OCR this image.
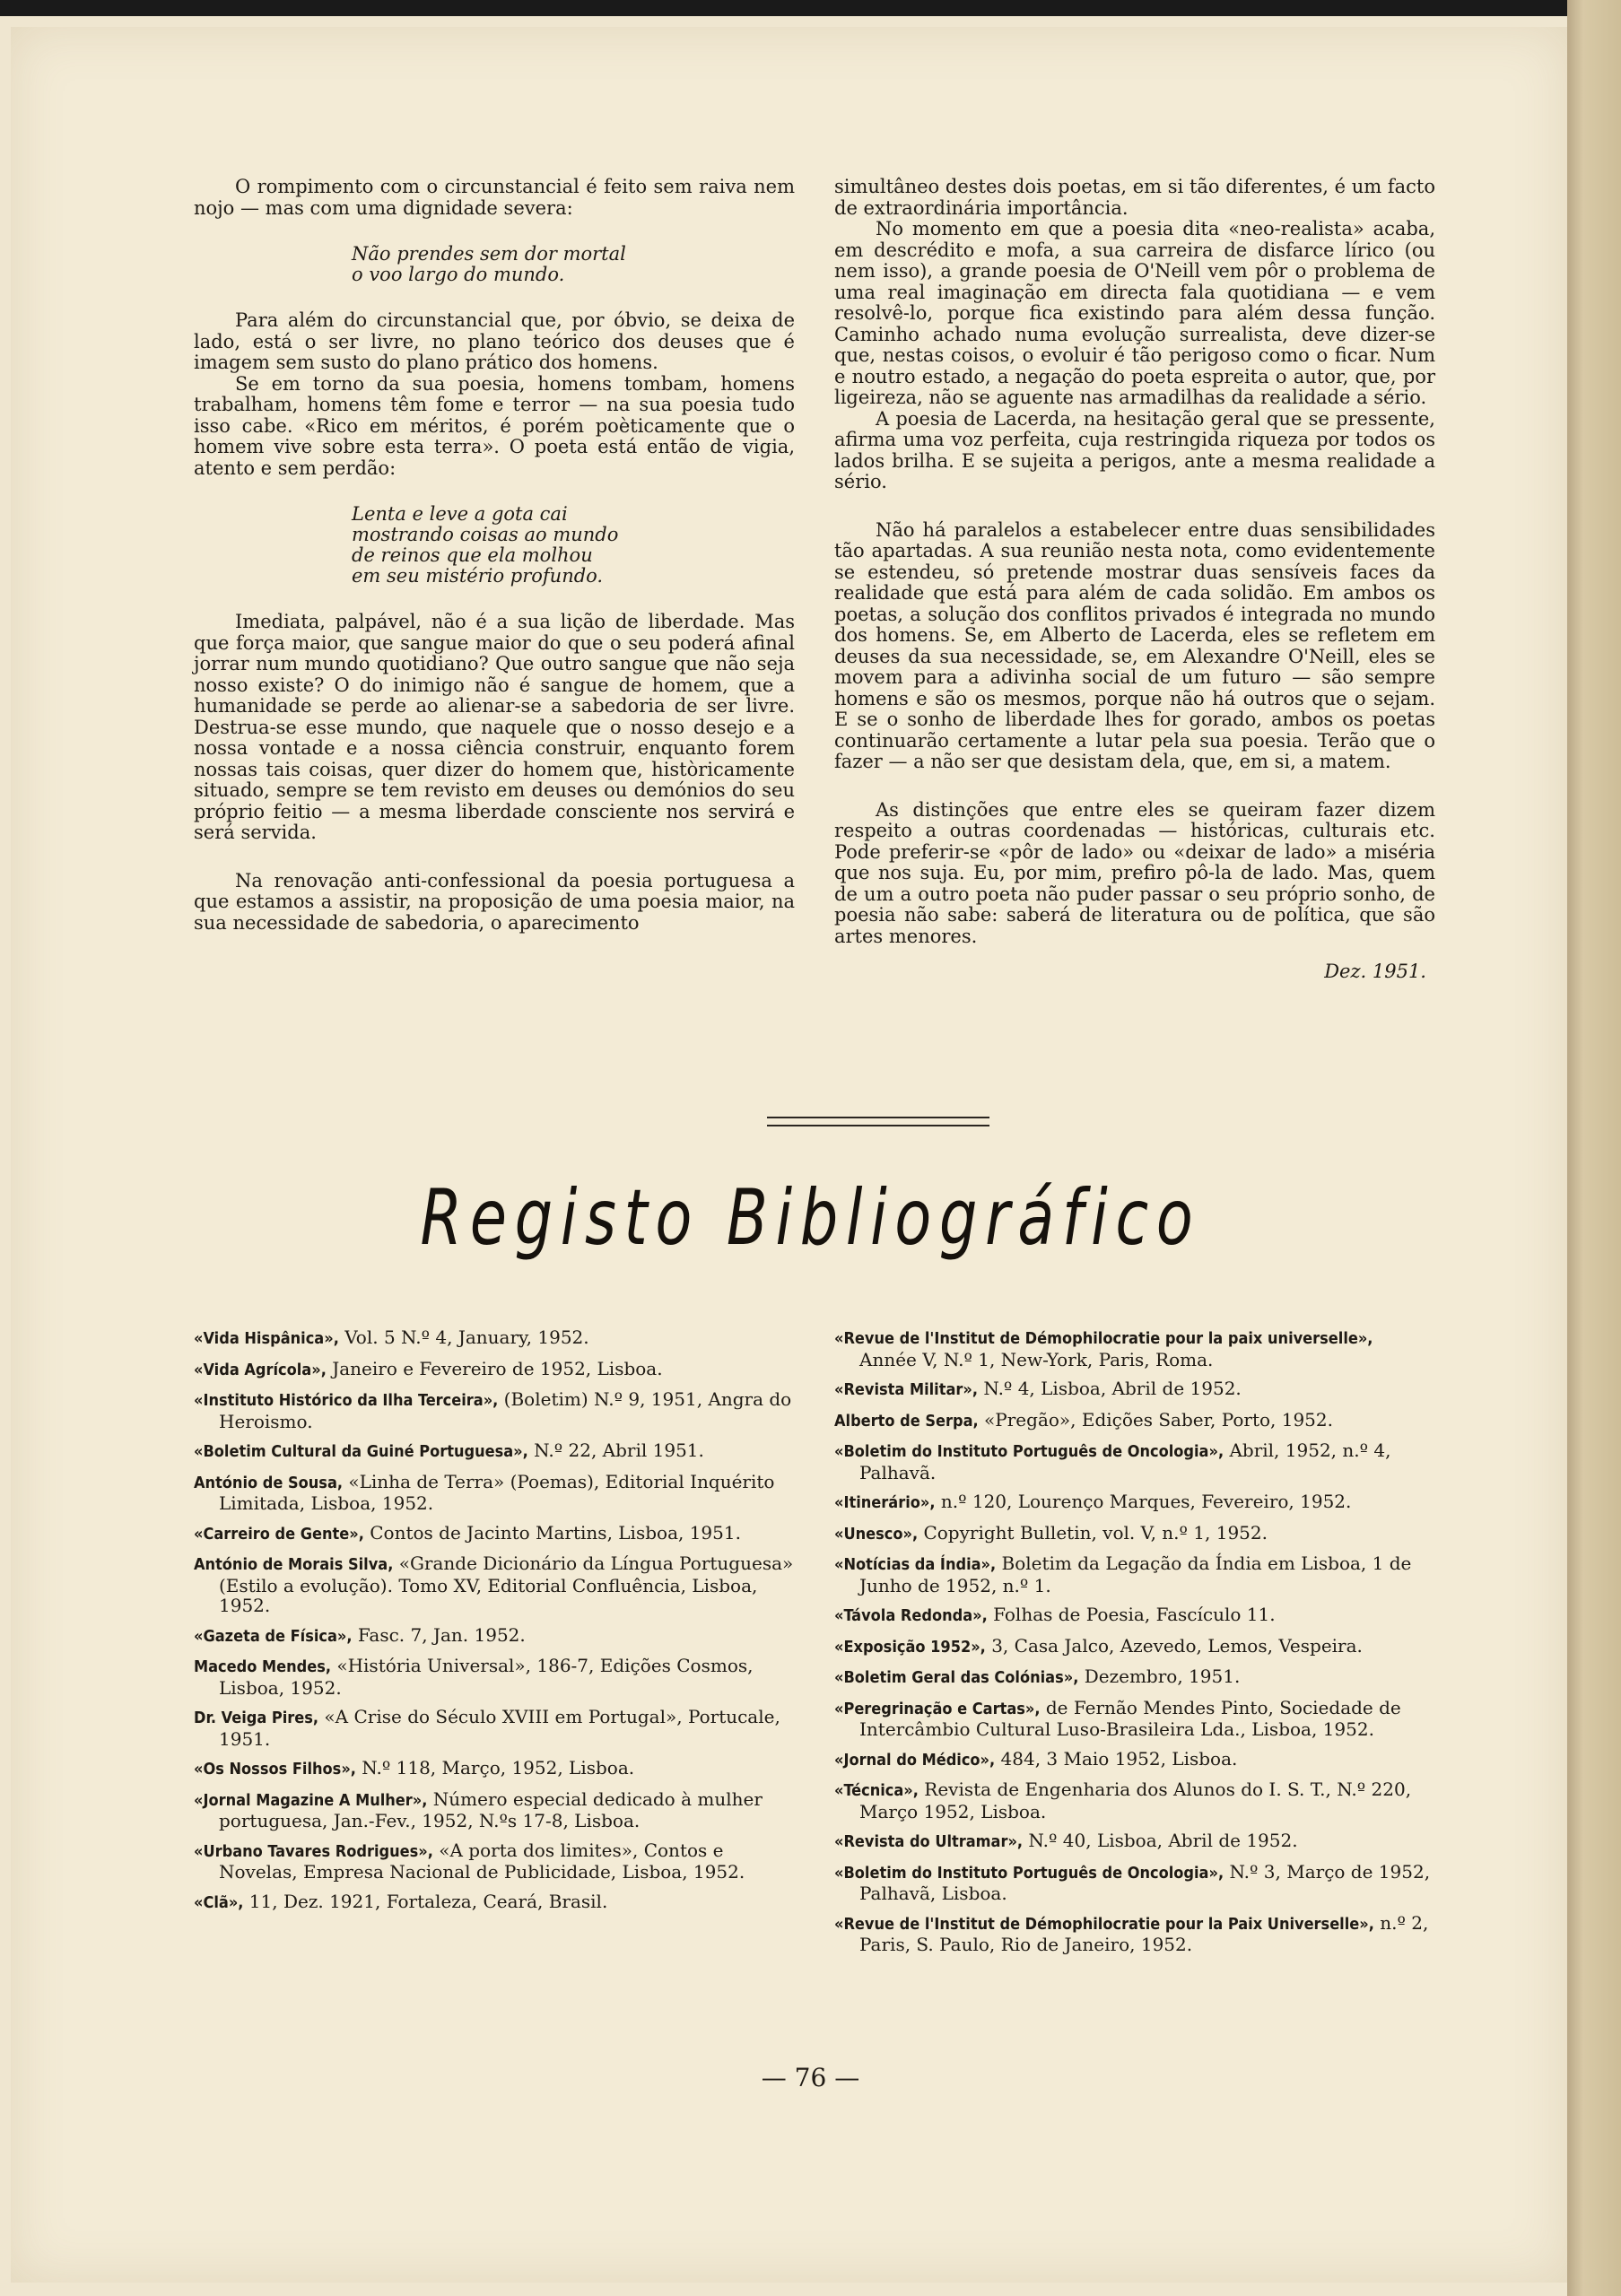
O rompimento com o circunstancial é feito sem raiva nem nojo — mas com uma dignidade severa:

Não prendes sem dor mortal
o voo largo do mundo.

Para além do circunstancial que, por óbvio, se deixa de lado, está o ser livre, no plano teórico dos deuses que é imagem sem susto do plano prático dos homens.

Se em torno da sua poesia, homens tombam, homens trabalham, homens têm fome e terror — na sua poesia tudo isso cabe. «Rico em méritos, é porém poèticamente que o homem vive sobre esta terra». O poeta está então de vigia, atento e sem perdão:

Lenta e leve a gota cai
mostrando coisas ao mundo
de reinos que ela molhou
em seu mistério profundo.

Imediata, palpável, não é a sua lição de liberdade. Mas que força maior, que sangue maior do que o seu poderá afinal jorrar num mundo quotidiano? Que outro sangue que não seja nosso existe? O do inimigo não é sangue de homem, que a humanidade se perde ao alienar-se a sabedoria de ser livre. Destrua-se esse mundo, que naquele que o nosso desejo e a nossa vontade e a nossa ciência construir, enquanto forem nossas tais coisas, quer dizer do homem que, històricamente situado, sempre se tem revisto em deuses ou demónios do seu próprio feitio — a mesma liberdade consciente nos servirá e será servida.

Na renovação anti-confessional da poesia portuguesa a que estamos a assistir, na proposição de uma poesia maior, na sua necessidade de sabedoria, o aparecimento

simultâneo destes dois poetas, em si tão diferentes, é um facto de extraordinária importância.

No momento em que a poesia dita «neo-realista» acaba, em descrédito e mofa, a sua carreira de disfarce lírico (ou nem isso), a grande poesia de O'Neill vem pôr o problema de uma real imaginação em directa fala quotidiana — e vem resolvê-lo, porque fica existindo para além dessa função. Caminho achado numa evolução surrealista, deve dizer-se que, nestas coisos, o evoluir é tão perigoso como o ficar. Num e noutro estado, a negação do poeta espreita o autor, que, por ligeireza, não se aguente nas armadilhas da realidade a sério.

A poesia de Lacerda, na hesitação geral que se pressente, afirma uma voz perfeita, cuja restringida riqueza por todos os lados brilha. E se sujeita a perigos, ante a mesma realidade a sério.

Não há paralelos a estabelecer entre duas sensibilidades tão apartadas. A sua reunião nesta nota, como evidentemente se estendeu, só pretende mostrar duas sensíveis faces da realidade que está para além de cada solidão. Em ambos os poetas, a solução dos conflitos privados é integrada no mundo dos homens. Se, em Alberto de Lacerda, eles se refletem em deuses da sua necessidade, se, em Alexandre O'Neill, eles se movem para a adivinha social de um futuro — são sempre homens e são os mesmos, porque não há outros que o sejam. E se o sonho de liberdade lhes for gorado, ambos os poetas continuarão certamente a lutar pela sua poesia. Terão que o fazer — a não ser que desistam dela, que, em si, a matem.

As distinções que entre eles se queiram fazer dizem respeito a outras coordenadas — históricas, culturais etc. Pode preferir-se «pôr de lado» ou «deixar de lado» a miséria que nos suja. Eu, por mim, prefiro pô-la de lado. Mas, quem de um a outro poeta não puder passar o seu próprio sonho, de poesia não sabe: saberá de literatura ou de política, que são artes menores.

Dez. 1951.
Registo Bibliográfico
«Vida Hispânica», Vol. 5 N.º 4, January, 1952.
«Vida Agrícola», Janeiro e Fevereiro de 1952, Lisboa.
«Instituto Histórico da Ilha Terceira», (Boletim) N.º 9, 1951, Angra do Heroismo.
«Boletim Cultural da Guiné Portuguesa», N.º 22, Abril 1951.
António de Sousa, «Linha de Terra» (Poemas), Editorial Inquérito Limitada, Lisboa, 1952.
«Carreiro de Gente», Contos de Jacinto Martins, Lisboa, 1951.
António de Morais Silva, «Grande Dicionário da Língua Portuguesa» (Estilo a evolução). Tomo XV, Editorial Confluência, Lisboa, 1952.
«Gazeta de Física», Fasc. 7, Jan. 1952.
Macedo Mendes, «História Universal», 186-7, Edições Cosmos, Lisboa, 1952.
Dr. Veiga Pires, «A Crise do Século XVIII em Portugal», Portucale, 1951.
«Os Nossos Filhos», N.º 118, Março, 1952, Lisboa.
«Jornal Magazine A Mulher», Número especial dedicado à mulher portuguesa, Jan.-Fev., 1952, N.ºs 17-8, Lisboa.
«Urbano Tavares Rodrigues», «A porta dos limites», Contos e Novelas, Empresa Nacional de Publicidade, Lisboa, 1952.
«Clã», 11, Dez. 1921, Fortaleza, Ceará, Brasil.
«Revue de l'Institut de Démophilocratie pour la paix universelle», Année V, N.º 1, New-York, Paris, Roma.
«Revista Militar», N.º 4, Lisboa, Abril de 1952.
Alberto de Serpa, «Pregão», Edições Saber, Porto, 1952.
«Boletim do Instituto Português de Oncologia», Abril, 1952, n.º 4, Palhavã.
«Itinerário», n.º 120, Lourenço Marques, Fevereiro, 1952.
«Unesco», Copyright Bulletin, vol. V, n.º 1, 1952.
«Notícias da Índia», Boletim da Legação da Índia em Lisboa, 1 de Junho de 1952, n.º 1.
«Távola Redonda», Folhas de Poesia, Fascículo 11.
«Exposição 1952», 3, Casa Jalco, Azevedo, Lemos, Vespeira.
«Boletim Geral das Colónias», Dezembro, 1951.
«Peregrinação e Cartas», de Fernão Mendes Pinto, Sociedade de Intercâmbio Cultural Luso-Brasileira Lda., Lisboa, 1952.
«Jornal do Médico», 484, 3 Maio 1952, Lisboa.
«Técnica», Revista de Engenharia dos Alunos do I. S. T., N.º 220, Março 1952, Lisboa.
«Revista do Ultramar», N.º 40, Lisboa, Abril de 1952.
«Boletim do Instituto Português de Oncologia», N.º 3, Março de 1952, Palhavã, Lisboa.
«Revue de l'Institut de Démophilocratie pour la Paix Universelle», n.º 2, Paris, S. Paulo, Rio de Janeiro, 1952.
— 76 —
